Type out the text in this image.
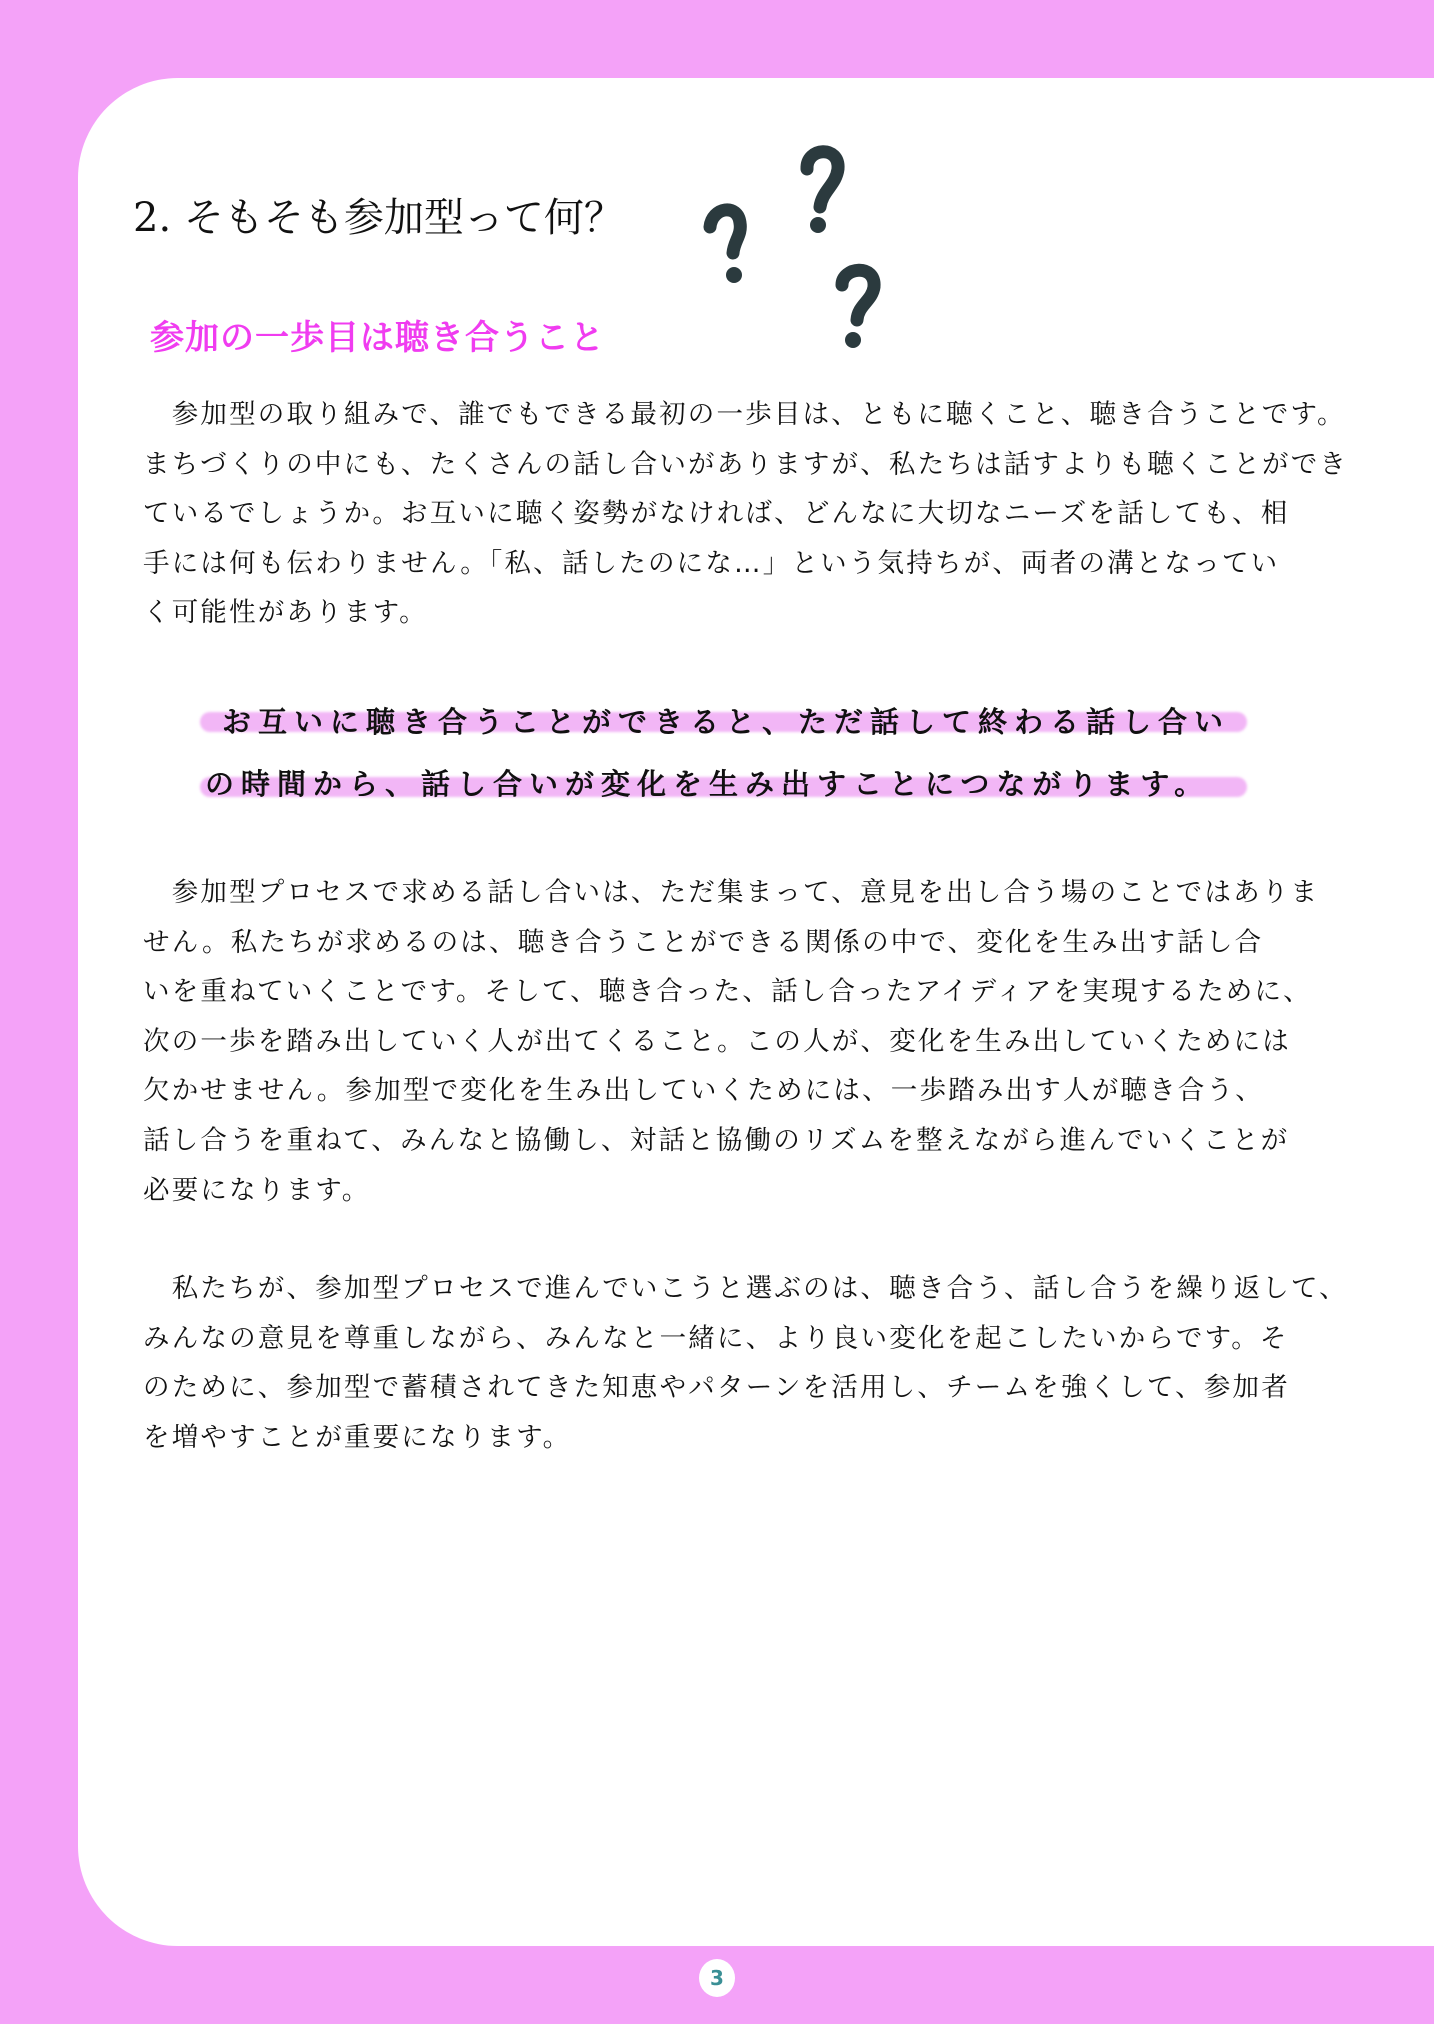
2. そもそも参加型って何？
参加の一歩目は聴き合うこと
　参加型の取り組みで、誰でもできる最初の一歩目は、ともに聴くこと、聴き合うことです。
まちづくりの中にも、たくさんの話し合いがありますが、私たちは話すよりも聴くことができ
ているでしょうか。お互いに聴く姿勢がなければ、どんなに大切なニーズを話しても、相
手には何も伝わりません。「私、話したのにな…」という気持ちが、両者の溝となってい
く可能性があります。
お互いに聴き合うことができると、ただ話して終わる話し合い
の時間から、話し合いが変化を生み出すことにつながります。
　参加型プロセスで求める話し合いは、ただ集まって、意見を出し合う場のことではありま
せん。私たちが求めるのは、聴き合うことができる関係の中で、変化を生み出す話し合
いを重ねていくことです。そして、聴き合った、話し合ったアイディアを実現するために、
次の一歩を踏み出していく人が出てくること。この人が、変化を生み出していくためには
欠かせません。参加型で変化を生み出していくためには、一歩踏み出す人が聴き合う、
話し合うを重ねて、みんなと協働し、対話と協働のリズムを整えながら進んでいくことが
必要になります。
　私たちが、参加型プロセスで進んでいこうと選ぶのは、聴き合う、話し合うを繰り返して、
みんなの意見を尊重しながら、みんなと一緒に、より良い変化を起こしたいからです。そ
のために、参加型で蓄積されてきた知恵やパターンを活用し、チームを強くして、参加者
を増やすことが重要になります。
3
